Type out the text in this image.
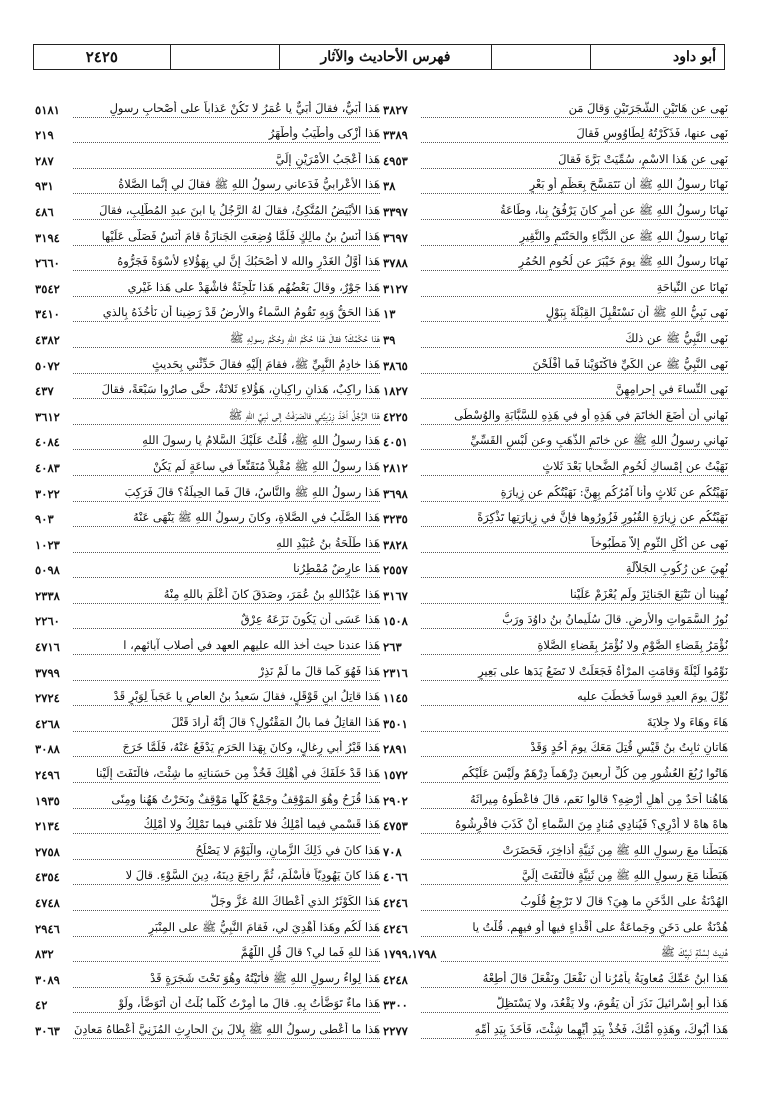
أبو داود
فهرس الأحاديث والآثار
٢٤٢٥
نَهى عن هَاتَيْنِ الشَّجَرَتَيْنِ وَقالَ مَن
٣٨٢٧
نَهى عنها، فَذَكَرْتُهُ لِطَاوُوسٍ فَقالَ
٣٣٨٩
نَهى عن هَذا الاسْمِ، سُمِّيَتْ بَرَّةَ فَقالَ
٤٩٥٣
نَهانَا رسولُ اللهِ ﷺ أن نَتَمَسَّحَ بِعَظْمٍ أو بَعْرٍ
٣٨
نَهانَا رسولُ اللهِ ﷺ عن أمرٍ كانَ يَرْفُقُ بِنا، وطَاعَةُ
٣٣٩٧
نَهانَا رسولُ اللهِ ﷺ عن الدُّبَّاءِ والحَنْتَمِ والنَّقِيرِ
٣٦٩٧
نَهانَا رسولُ اللهِ ﷺ يومَ خَيْبَرَ عن لُحُومِ الحُمُرِ
٣٧٨٨
نَهانَا عن النِّياحَةِ
٣١٢٧
نَهى نَبِيُّ اللهِ ﷺ أن نَسْتَقْبِلَ القِبْلَةَ بِبَوْلٍ
١٣
نَهى النَّبِيُّ ﷺ عن ذلكَ
٣٩
نَهى النَّبِيُّ ﷺ عن الكَيِّ فاكْتَوَيْنا فَما أَفْلَحْنَ
٣٨٦٥
نَهى النِّساءَ في إحرامِهِنَّ
١٨٢٧
نَهاني أن أضَعَ الخاتَمَ في هَذِهِ أو في هَذِهِ للسَّبَّابَةِ والوُسْطَى
٤٢٢٥
نَهاني رسولُ اللهِ ﷺ عن خاتَمِ الذَّهَبِ وعن لُبْسِ القَسِّيِّ
٤٠٥١
نَهَيْتُ عن إمْساكِ لُحُومِ الضَّحايا بَعْدَ ثَلاثٍ
٢٨١٢
نَهَيْتُكُم عن ثَلاثٍ وأنا آمُرُكُم بِهِنَّ: نَهَيْتُكُم عن زِيارَةِ
٣٦٩٨
نَهَيْتُكُم عن زِيارَةِ القُبُورِ فَزُورُوها فإنَّ في زِيارَتِها تَذْكِرَةً
٣٢٣٥
نَهى عن أكْلِ الثُّومِ إلاَّ مَطْبُوخاً
٣٨٢٨
نُهِيَ عن رُكُوبِ الجَلاَّلَةِ
٢٥٥٧
نُهِينا أن نَتْبَعَ الجَنائِزَ ولَم يُعْزَمْ عَلَيْنا
٣١٦٧
نُورُ السَّمَواتِ والأرضِ. قالَ سُلَيمانُ بنُ داوُدَ ورَبُّ
١٥٠٨
نُؤْمَرُ بِقَضاءِ الصَّوْمِ ولا نُؤْمَرُ بِقَضاءِ الصَّلاةِ
٢٦٣
نَوِّمُوا لَيْلَةً وَقامَتِ المرْأَةُ فَجَعَلَتْ لا تَضَعُ يَدَها على بَعِيرٍ
٢٣١٦
نُوِّلَ يومَ العيدِ قوساً فَخطَبَ عليه
١١٤٥
هَاءَ وهَاءَ ولا جِلايَةَ
٣٥٠١
هَاتانِ ثابِتُ بنُ قَيْسٍ قُتِلَ مَعَكَ يومَ أُحُدٍ وَقَدْ
٢٨٩١
هَاتُوا رُبُعَ العُشُورِ مِن كُلِّ أربعينَ دِرْهَماً دِرْهَمٌ ولَيْسَ عَلَيْكُم
١٥٧٢
هَاهُنا أحَدٌ مِن أهلِ أرْضِهِ؟ قالوا نَعَم، قالَ فاعْطُوهُ مِيراثَهُ
٢٩٠٢
هاهْ هاهْ لا أدْرِي؟ فَيُنادِي مُنادٍ مِنَ السَّماءِ أنْ كَذَبَ فافْرِشُوهُ
٤٧٥٣
هَبَطْنا معَ رسولِ اللهِ ﷺ مِن ثَنِيَّةِ أذاخِرَ، فَحَضَرَتْ
٧٠٨
هَبَطْنا مَعَ رسولِ اللهِ ﷺ مِن ثَنِيَّةٍ فالْتَفَتَ إلَيَّ
٤٠٦٦
الهُدْنَةُ على الدَّخَنِ ما هِيَ؟ قالَ لا تَرْجِعُ قُلُوبُ
٤٢٤٦
هُدْنَةٌ على دَخَنٍ وجَماعَةٌ على أقْذاءٍ فيها أو فيهِم. قُلْتُ يا
٤٢٤٦
هُدِيتَ لِسُنَّةِ نَبِيِّكَ ﷺ
١٧٩٩،١٧٩٨
هَذا ابنُ عَمِّكَ مُعاويَةُ يأمُرُنا أن نَفْعَلَ ونَفْعَلَ قالَ أطِعْهُ
٤٢٤٨
هَذا أبو إسْرائيلَ نَذَرَ أن يَقُومَ، ولا يَقْعُدَ، ولا يَسْتَظِلَّ
٣٣٠٠
هَذا أبُوكَ، وهَذِهِ أُمُّكَ، فَخُذْ بِيَدِ أيِّهِما شِئْتَ، فَأخَذَ بِيَدِ أُمِّهِ
٢٢٧٧
هَذا أُبَيٌّ، فقالَ أُبَيٌّ يا عُمَرُ لا تَكُنْ عَذاباً على أصْحابِ رسولِ
٥١٨١
هَذا أزْكى وأطْيَبُ وأطْهَرُ
٢١٩
هَذا أعْجَبُ الأمْرَيْنِ إلَيَّ
٢٨٧
هَذا الأعْرابيُّ فَدَعاني رسولُ اللهِ ﷺ فقالَ لي إنَّما الصَّلاةُ
٩٣١
هَذا الأبْيَضُ المُتَّكِئُ، فقالَ لهُ الرَّجُلُ يا ابنَ عبدِ المُطَّلِبِ، فقالَ
٤٨٦
هَذا أنَسُ بنُ مالِكٍ فَلَمَّا وُضِعَتِ الجَنازَةُ قامَ أنَسٌ فَصَلَّى عَلَيْها
٣١٩٤
هَذا أوَّلُ الغَدْرِ والله لا أصْحَبُكَ إنَّ لي بِهَؤُلاءِ لأُسْوَةً فَجَرُّوهُ
٢٦٦٠
هَذا جَوْرٌ، وقالَ بَعْضُهُم هَذا تَلْجِئَةٌ فاشْهَدْ على هَذا غَيْري
٣٥٤٢
هَذا الحَقُّ وَبِهِ تَقُومُ السَّماءُ والأرضُ قَدْ رَضِينا أن نَأخُذَهُ بِالذي
٣٤١٠
هَذا حُكْمُكَ؟ فقالَ هَذا حُكْمُ اللهِ وحُكْمُ رسولِهِ ﷺ
٤٣٨٢
هَذا خادِمُ النَّبِيِّ ﷺ، فقامَ إلَيْهِ فقالَ حَدِّثْني بِحَديثٍ
٥٠٧٢
هَذا راكِبٌ، هَذانِ راكِبانِ، هَؤُلاءِ ثَلاثَةٌ، حتَّى صارُوا سَبْعَةً، فقالَ
٤٣٧
هَذا الرَّجُلُ أخَذَ زِرْبِيَّتي فانْصَرَفْتُ إلى نَبِيِّ اللهِ ﷺ
٣٦١٢
هَذا رسولُ اللهِ ﷺ، قُلْتُ عَلَيْكَ السَّلامُ يا رسولَ اللهِ
٤٠٨٤
هَذا رسولُ اللهِ ﷺ مُقْبِلاً مُتَقَنِّعاً في ساعَةٍ لَم يَكُنْ
٤٠٨٣
هَذا رسولُ اللهِ ﷺ والنَّاسُ، قالَ فَما الحِيلَةُ؟ قالَ فَرَكِبَ
٣٠٢٢
هَذا الصَّلْبُ في الصَّلاةِ، وكانَ رسولُ اللهِ ﷺ يَنْهَى عَنْهُ
٩٠٣
هَذا طَلْحَةُ بنُ عُبَيْدِ اللهِ
١٠٢٣
هَذا عارِضٌ مُمْطِرُنا
٥٠٩٨
هَذا عَبْدُاللهِ بنُ عُمَرَ، وصَدَقَ كانَ أعْلَمَ باللهِ مِنْهُ
٢٣٣٨
هَذا عَسَى أن يَكُونَ نَزَعَهُ عِرْقٌ
٢٢٦٠
هَذا عندنا حيث أخذ الله عليهم العهد في أصلاب آبائهم، ا
٤٧١٦
هَذا فَهُوَ كَما قالَ ما لَمْ نَذِرْ
٣٧٩٩
هَذا قاتِلُ ابنِ قَوْقَلٍ، فقالَ سَعيدُ بنُ العاصِ يا عَجَباً لِوَبْرٍ قَدْ
٢٧٢٤
هَذا القاتِلُ فما بالُ المَقْتُولِ؟ قالَ إنَّهُ أرادَ قَتْلَ
٤٢٦٨
هَذا قَبْرُ أبي رِغالٍ، وكانَ بِهَذا الحَرَمِ يَدْفَعُ عَنْهُ، فَلَمَّا خَرَجَ
٣٠٨٨
هَذا قَدْ خَلَفَكَ في أهْلِكَ فَخُذْ مِن حَسَناتِهِ ما شِئْتَ، فالْتَفَتَ إلَيْنا
٢٤٩٦
هَذا قُزَحُ وهُوَ المَوْقِفُ وجَمْعٌ كُلُّها مَوْقِفٌ ونَحَرْتُ هَهُنا ومِنًى
١٩٣٥
هَذا قَسْمي فيما أمْلِكُ فلا تَلُمْني فيما تَمْلِكُ ولا أمْلِكُ
٢١٣٤
هَذا كانَ في ذَلِكَ الزَّمانِ، والْيَوْمَ لا يَصْلُحُ
٢٧٥٨
هَذا كانَ يَهُودِيّاً فأَسْلَمَ، ثُمَّ راجَعَ دِينَهُ، دِينَ السَّوْءِ. قالَ لا
٤٣٥٤
هَذا الكَوْثَرُ الذي أعْطاكَ اللهُ عَزَّ وجَلَّ
٤٧٤٨
هَذا لَكُم وهَذا أُهْدِيَ لي، فَقامَ النَّبِيُّ ﷺ على المِنْبَرِ
٢٩٤٦
هَذا للهِ فَما لي؟ قالَ قُلِ اللَّهُمَّ
٨٣٢
هَذا لِواءُ رسولِ اللهِ ﷺ فأتَيْتُهُ وهُوَ تَحْتَ شَجَرَةٍ قَدْ
٣٠٨٩
هَذا ماءٌ تَوَضَّأْتُ بِهِ. قالَ ما أُمِرْتُ كُلَّما بُلْتُ أن أتَوَضَّأَ، ولَوْ
٤٢
هَذا ما أعْطى رسولُ اللهِ ﷺ بِلالَ بنَ الحارِثِ المُزَنِيَّ أعْطاهُ مَعادِنَ
٣٠٦٣
